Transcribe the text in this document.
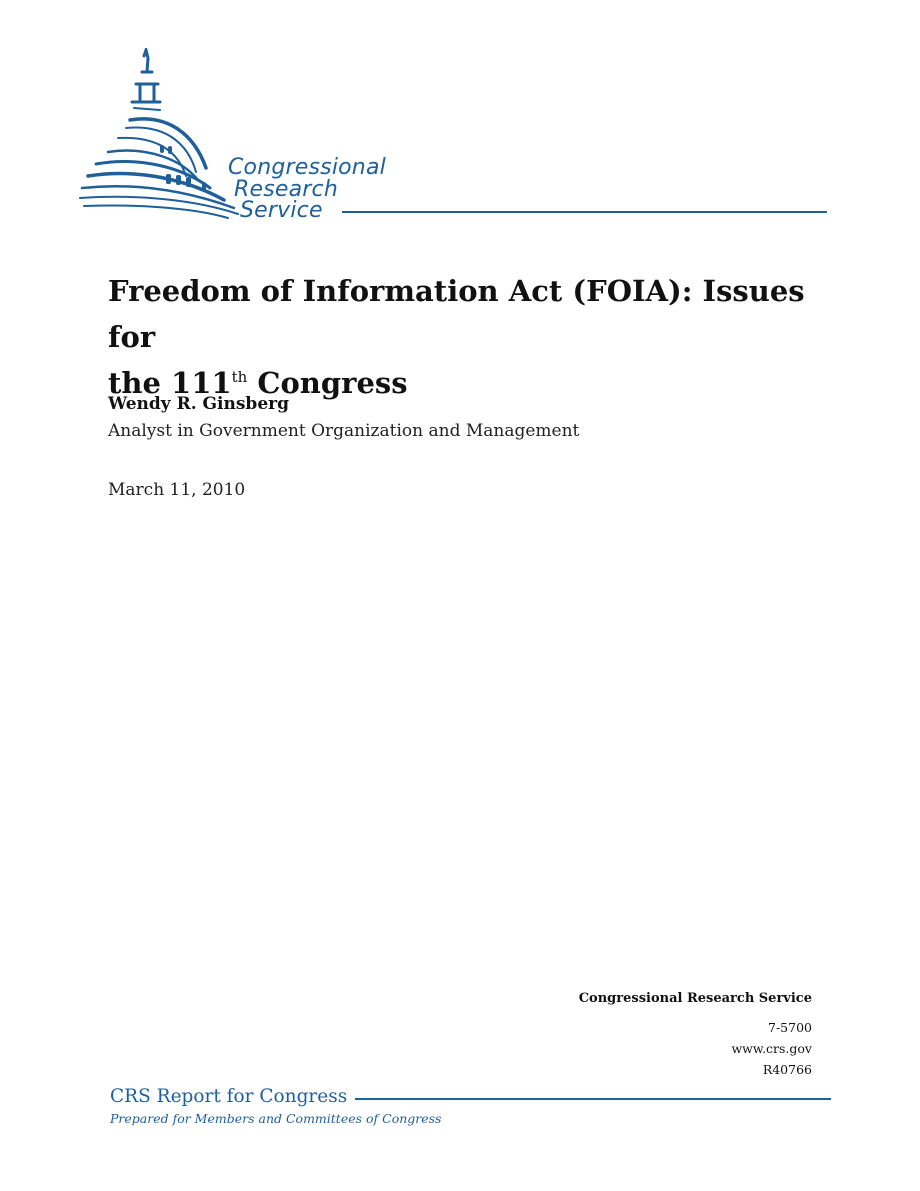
Congressional
Research
Service
Freedom of Information Act (FOIA): Issues for
the 111th Congress
Wendy R. Ginsberg
Analyst in Government Organization and Management
March 11, 2010
Congressional Research Service
7-5700
www.crs.gov
R40766
CRS Report for Congress
Prepared for Members and Committees of Congress
